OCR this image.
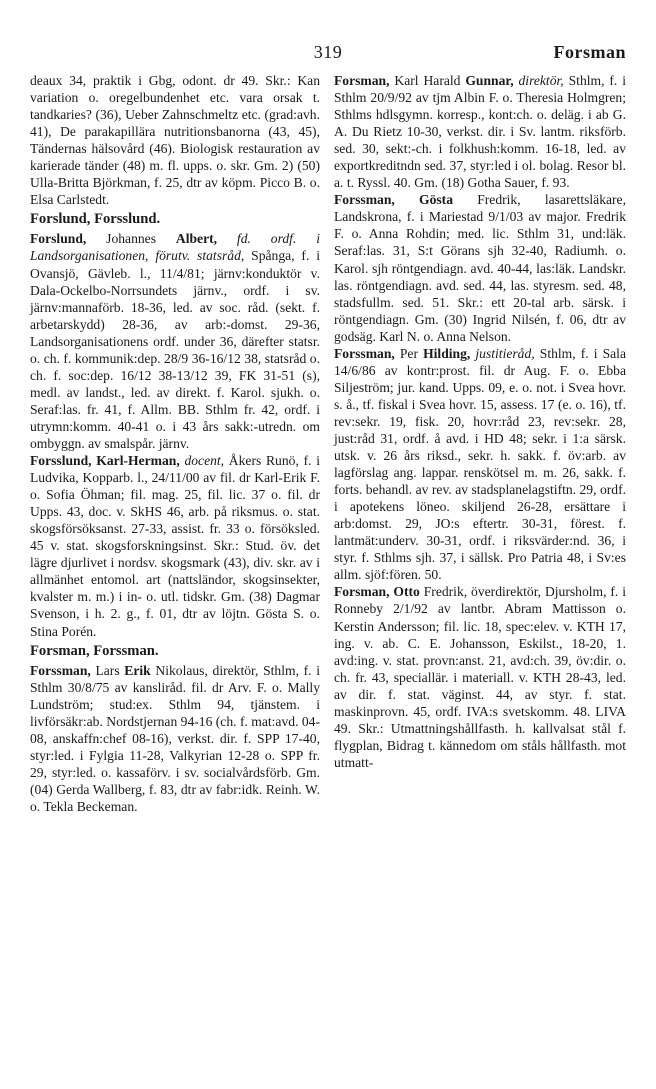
319	Forsman

deaux 34, praktik i Gbg, odont. dr 49. Skr.: Kan variation o. oregelbundenhet etc. vara orsak t. tandkaries? (36), Ueber Zahnschmeltz etc. (grad:avh. 41), De parakapillära nutritionsbanorna (43, 45), Tändernas hälsovård (46). Biologisk restauration av karierade tänder (48) m. fl. upps. o. skr. Gm. 2) (50) Ulla-Britta Björkman, f. 25, dtr av köpm. Picco B. o. Elsa Carlstedt.

Forslund, Forsslund.

Forslund, Johannes Albert, fd. ordf. i Landsorganisationen, förutv. statsråd, Spånga, f. i Ovansjö, Gävleb. l., 11/4/81; järnv:konduktör v. Dala-Ockelbo-Norrsundets järnv., ordf. i sv. järnv:mannaförb. 18-36, led. av soc. råd. (sekt. f. arbetarskydd) 28-36, av arb:-domst. 29-36, Landsorganisationens ordf. under 36, därefter statsr. o. ch. f. kommunik:dep. 28/9 36-16/12 38, statsråd o. ch. f. soc:dep. 16/12 38-13/12 39, FK 31-51 (s), medl. av landst., led. av direkt. f. Karol. sjukh. o. Seraf:las. fr. 41, f. Allm. BB. Sthlm fr. 42, ordf. i utrymn:komm. 40-41 o. i 43 års sakk:-utredn. om ombyggn. av smalspår. järnv.

Forsslund, Karl-Herman, docent, Åkers Runö, f. i Ludvika, Kopparb. l., 24/11/00 av fil. dr Karl-Erik F. o. Sofia Öhman; fil. mag. 25, fil. lic. 37 o. fil. dr Upps. 43, doc. v. SkHS 46, arb. på riksmus. o. stat. skogsförsöksanst. 27-33, assist. fr. 33 o. försöksled. 45 v. stat. skogsforskningsinst. Skr.: Stud. öv. det lägre djurlivet i nordsv. skogsmark (43), div. skr. av i allmänhet entomol. art (nattsländor, skogsinsekter, kvalster m. m.) i in- o. utl. tidskr. Gm. (38) Dagmar Svenson, i h. 2. g., f. 01, dtr av löjtn. Gösta S. o. Stina Porén.

Forsman, Forssman.

Forssman, Lars Erik Nikolaus, direktör, Sthlm, f. i Sthlm 30/8/75 av kansliråd. fil. dr Arv. F. o. Mally Lundström; stud:ex. Sthlm 94, tjänstem. i livförsäkr:ab. Nordstjernan 94-16 (ch. f. mat:avd. 04-08, anskaffn:chef 08-16), verkst. dir. f. SPP 17-40, styr:led. i Fylgia 11-28, Valkyrian 12-28 o. SPP fr. 29, styr:led. o. kassaförv. i sv. socialvårdsförb. Gm. (04) Gerda Wallberg, f. 83, dtr av fabr:idk. Reinh. W. o. Tekla Beckeman.

Forsman, Karl Harald Gunnar, direktör, Sthlm, f. i Sthlm 20/9/92 av tjm Albin F. o. Theresia Holmgren; Sthlms hdlsgymn. korresp., kont:ch. o. deläg. i ab G. A. Du Rietz 10-30, verkst. dir. i Sv. lantm. riksförb. sed. 30, sekt:-ch. i folkhush:komm. 16-18, led. av exportkreditndn sed. 37, styr:led i ol. bolag. Resor bl. a. t. Ryssl. 40. Gm. (18) Gotha Sauer, f. 93.

Forssman, Gösta Fredrik, lasarettsläkare, Landskrona, f. i Mariestad 9/1/03 av major. Fredrik F. o. Anna Rohdin; med. lic. Sthlm 31, und:läk. Seraf:las. 31, S:t Görans sjh 32-40, Radiumh. o. Karol. sjh röntgendiagn. avd. 40-44, las:läk. Landskr. las. röntgendiagn. avd. sed. 44, las. styresm. sed. 48, stadsfullm. sed. 51. Skr.: ett 20-tal arb. särsk. i röntgendiagn. Gm. (30) Ingrid Nilsén, f. 06, dtr av godsäg. Karl N. o. Anna Nelson.

Forssman, Per Hilding, justitieråd, Sthlm, f. i Sala 14/6/86 av kontr:prost. fil. dr Aug. F. o. Ebba Siljeström; jur. kand. Upps. 09, e. o. not. i Svea hovr. s. å., tf. fiskal i Svea hovr. 15, assess. 17 (e. o. 16), tf. rev:sekr. 19, fisk. 20, hovr:råd 23, rev:sekr. 28, just:råd 31, ordf. å avd. i HD 48; sekr. i 1:a särsk. utsk. v. 26 års riksd., sekr. h. sakk. f. öv:arb. av lagförslag ang. lappar. renskötsel m. m. 26, sakk. f. forts. behandl. av rev. av stadsplanelagstiftn. 29, ordf. i apotekens löneo. skiljend 26-28, ersättare i arb:domst. 29, JO:s eftertr. 30-31, förest. f. lantmät:underv. 30-31, ordf. i riksvärder:nd. 36, i styr. f. Sthlms sjh. 37, i sällsk. Pro Patria 48, i Sv:es allm. sjöf:fören. 50.

Forsman, Otto Fredrik, överdirektör, Djursholm, f. i Ronneby 2/1/92 av lantbr. Abram Mattisson o. Kerstin Andersson; fil. lic. 18, spec:elev. v. KTH 17, ing. v. ab. C. E. Johansson, Eskilst., 18-20, 1. avd:ing. v. stat. provn:anst. 21, avd:ch. 39, öv:dir. o. ch. fr. 43, speciallär. i materiall. v. KTH 28-43, led. av dir. f. stat. väginst. 44, av styr. f. stat. maskinprovn. 45, ordf. IVA:s svetskomm. 48. LIVA 49. Skr.: Utmattningshållfasth. h. kallvalsat stål f. flygplan, Bidrag t. kännedom om ståls hållfasth. mot utmatt-
